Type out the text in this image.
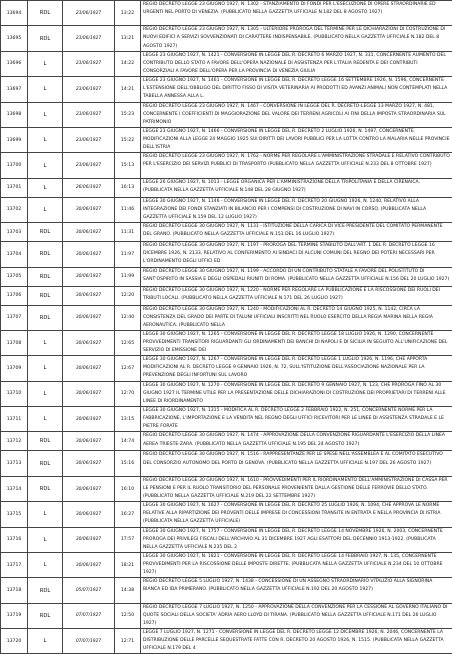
13694	RDL	23/06/1927	13:22	REGIO DECRETO LEGGE 23 GIUGNO 1927, N. 1302 - STANZIAMENTO DI FONDI PER L'ESECUZIONE DI OPERE STRAORDINARIE ED URGENTI NEL PORTO DI VENEZIA. (PUBBLICATO NELLA GAZZETTA UFFICIALE N.182 DEL 8 AGOSTO 1927)
13695	RDL	23/06/1927	13:21	REGIO DECRETO LEGGE 23 GIUGNO 1927, N. 1305 - ULTERIORE PROROGA DEL TERMINE PER LE DICHIARAZIONI DI COSTRUZIONE DI NUOVI EDIFICI A SERVIZI SOVVENZIONATI DI CARATTERE INDISPENSABILE. (PUBBLICATO NELLA GAZZETTA UFFICIALE N.182 DEL 8 AGOSTO 1927)
13696	L	23/06/1927	14:22	LEGGE 23 GIUGNO 1927, N. 1421 - CONVERSIONE IN LEGGE DEL R. DECRETO 6 MARZO 1927, N. 331, CONCERNENTE AUMENTO DEL CONTRIBUTO DELLO STATO A FAVORE DELL'OPERA NAZIONALE DI ASSISTENZA PER L'ITALIA REDENTA E DEI CONTRIBUTI CONSORZIALI A FAVORE DELL'OPERA PER LA PROVINCIA DI VENEZIA GIULIA
13697	L	23/06/1927	14:21	LEGGE 23 GIUGNO 1927, N. 1461 - CONVERSIONE IN LEGGE DEL R. DECRETO LEGGE 16 SETTEMBRE 1926, N. 1596, CONCERNENTE L'ESTENSIONE DELL'OBBLIGO DEL DIRITTO FISSO DI VISITA VETERINARIA AI PRODOTTI ED AVANZI ANIMALI NON CONTEMPLATI NELLA TABELLA ANNESSA ALLA L.
13698	L	23/06/1927	15:23	REGIO DECRETO LEGGE 23 GIUGNO 1927, N. 1467 - CONVERSIONE IN LEGGE DEL R. DECRETO-LEGGE 13 MARZO 1927, N. 481, CONCERNENTE I COEFFICIENTI DI MAGGIORAZIONE DEL VALORE DEI TERRENI AGRICOLI AI FINI DELLA IMPOSTA STRAORDINARIA SUL PATRIMONIO
13699	L	23/06/1927	15:22	LEGGE 23 GIUGNO 1927, N. 1466 - CONVERSIONE IN LEGGE DEL R. DECRETO 2 LUGLIO 1926, N. 1497, CONCERNENTE MODIFICAZIONI ALLA LEGGE 24 MAGGIO 1925 SUI DIRITTI DEI LAVORI PUBBLICI PER LA LOTTA CONTRO LA MALARIA NELLE PROVINCIE DELL'ISTRIA
13700	L	23/06/1927	15:13	REGIO DECRETO LEGGE 23 GIUGNO 1927, N. 1762 - NORME PER REGOLARE L'AMMINISTRAZIONE STRADALE E RELATIVO CONTRIBUTO PER L'ESERCIZIO DEI SERVIZI PUBBLICI DI TRASPORTO (PUBBLICATO NELLA GAZZETTA UFFICIALE N.233 DEL 8 OTTOBRE 1927)
13701	L	26/06/1927	16:13	LEGGE 26 GIUGNO 1927, N. 1013 - LEGGE ORGANICA PER L'AMMINISTRAZIONE DELLA TRIPOLITANIA E DELLA CIRENAICA. (PUBBLICATA NELLA GAZZETTA UFFICIALE N.148 DEL 28 GIUGNO 1927)
13702	L	30/06/1927	11:46	LEGGE 30 GIUGNO 1927, N. 1146 - CONVERSIONE IN LEGGE DEL R. DECRETO 20 GIUGNO 1926, N. 1240, RELATIVO ALLA INTEGRAZIONE DEI FONDI STANZIATI IN BILANCIO PER I COMPENSI DI COSTRUZIONE DI NAVI IN CORSO. (PUBBLICATA NELLA GAZZETTA UFFICIALE N.159 DEL 12 LUGLIO 1927)
13703	RDL	30/06/1927	11:31	REGIO DECRETO LEGGE 30 GIUGNO 1927, N. 1131 - ISTITUZIONE DELLA CARICA DI VICE PRESIDENTE DEL COMITATO PERMANENTE DEL GRANO. (PUBBLICATO NELLA GAZZETTA UFFICIALE N.153 DEL 16 LUGLIO 1927)
13704	RDL	30/06/1927	11:97	REGIO DECRETO LEGGE 30 GIUGNO 1927, N. 1197 - PROROGA DEL TERMINE STABILITO DALL'ART. 1 DEL R. DECRETO LEGGE 16 DICEMBRE 1926, N. 2133, RELATIVO AL CONFERIMENTO AI SINDACI DI ALCUNI COMUNI DEL REGNO DEI POTERI NECESSARI PER L'ORDINAMENTO DEGLI UFFICI ED
13705	RDL	30/06/1927	11:99	REGIO DECRETO LEGGE 30 GIUGNO 1927, N. 1199 - ACCORDO DI UN CONTRIBUTO STATALE A FAVORE DEL POLISTITUTO DI SANT'OSPIRITO IN SASSIA E DEGLI OSPEDALI RIUNITI DI ROMA. (PUBBLICATO NELLA GAZZETTA UFFICIALE N.156 DEL 20 LUGLIO 1927)
13706	RDL	30/06/1927	12:20	REGIO DECRETO LEGGE 30 GIUGNO 1927, N. 1220 - NORME PER REGOLARE LA PUBBLICAZIONE E LA RISCOSSIONE DEI RUOLI DEI TRIBUTI LOCALI. (PUBBLICATO NELLA GAZZETTA UFFICIALE N.171 DEL 26 LUGLIO 1927)
13707	RDL	30/06/1927	12:40	REGIO DECRETO LEGGE 30 GIUGNO 1927, N. 1240 - MODIFICAZIONI AL R. DECRETO 14 GIUGNO 1925, N. 1142, CIRCA LA CONSISTENZA DEL GRADO DEI PARTE DI TALUNI UFFICIALI INSCRITTI NEL RUOLO ESERCITO DELLA REGIA MARINA NELLA REGIA AERONAUTICA. (PUBBLICATO NELLA
13708	L	30/06/1927	12:65	LEGGE 30 GIUGNO 1927, N. 1265 - CONVERSIONE IN LEGGE DEL R. DECRETO LEGGE 18 LUGLIO 1926, N. 1290, CONCERNENTE PROVVEDIMENTI TRANSITORI RIGUARDANTI GLI ORDINAMENTI DEI BANCHI DI NAPOLI E DI SICILIA IN SEGUITO ALL'UNIFICAZIONE DEL SERVIZIO DI EMISSIONE DEI
13709	L	30/06/1927	12:67	LEGGE 30 GIUGNO 1927, N. 1267 - CONVERSIONE IN LEGGE DEL R. DECRETO LEGGE 1 LUGLIO 1926, N. 1196, CHE APPORTA MODIFICAZIONI AL R. DECRETO LEGGE 9 GENNAIO 1926, N. 72, SULL'ISTITUZIONE DELL'ASSOCIAZIONE NAZIONALE PER LA PREVENZIONE DEGLI INFORTUNI SUL LAVORO
13710	L	30/06/1927	12:70	LEGGE 30 GIUGNO 1927, N. 1270 - CONVERSIONE IN LEGGE DEL R. DECRETO 9 GENNAIO 1927, N. 123, CHE PROROGA FINO AL 30 GIUGNO 1927 IL TERMINE UTILE PER LA PRESENTAZIONE DELLE DICHIARAZIONI DI COSTRUZIONE DEI PROPRIETARI DI TERRENI ALLE LINEE DI RIORDINAMENTO
13711	L	30/06/1927	13:15	LEGGE 30 GIUGNO 1927, N. 1315 - MODIFICA AL R. DECRETO LEGGE 2 FEBBRAIO 1922, N. 251, CONCERNENTE NORME PER LA FABBRICAZIONE, L'IMPORTAZIONE E LA VENDITA NEL REGNO DEGLI UFFICI RICEVITORI PER LE LINEE DI ASSISTENZA STRADALE E LE PIETRE FORATE
13712	RDL	30/06/1927	14:74	REGIO DECRETO LEGGE 30 GIUGNO 1927, N. 1474 - APPROVAZIONE DELLA CONVENZIONE RIGUARDANTE L'ESERCIZIO DELLA LINEA AEREA TRIESTE-ZARA. (PUBBLICATO NELLA GAZZETTA UFFICIALE N.195 DEL 24 AGOSTO 1927)
13713	RDL	30/06/1927	15:16	REGIO DECRETO LEGGE 30 GIUGNO 1927, N. 1516 - RAPPRESENTANZE PER LE SPESE NELL'ASSEMBLEA E AL COMITATO ESECUTIVO DEL CONSORZIO AUTONOMO DEL PORTO DI GENOVA. (PUBBLICATO NELLA GAZZETTA UFFICIALE N.197 DEL 26 AGOSTO 1927)
13714	RDL	30/06/1927	16:10	REGIO DECRETO LEGGE 30 GIUGNO 1927, N. 1610 - PROVVEDIMENTI PER IL RIORDINAMENTO DELL'AMMINISTRAZIONE DI CASSA PER LE PENSIONI E PER IL RUOLO TRANSITORIO DEL PERSONALE PROVENIENTE DALLA GESTIONE DELLE FERROVIE DELLO STATO. (PUBBLICATO NELLA GAZZETTA UFFICIALE N.219 DEL 22 SETTEMBRE 1927)
13715	L	30/06/1927	16:27	LEGGE 30 GIUGNO 1927, N. 1627 - CONVERSIONE IN LEGGE DEL R. DECRETO 25 LUGLIO 1926, N. 1094, CHE APPROVA LE NORME RELATIVE ALLA RIPARTIZIONE DEI PROVENTI DELLE IMPRESE DI CONCESSIONI TRANSITE IN ENTRATA E NELLA PROVINCIA DI ISTRIA (PUBBLICATA NELLA GAZZETTA UFFICIALE)
13716	L	30/06/1927	17:57	LEGGE 30 GIUGNO 1927, N. 1757 - CONVERSIONE IN LEGGE DEL R. DECRETO LEGGE 14 NOVEMBRE 1926, N. 2003, CONCERNENTE PROROGA DEI PRIVILEGI FISCALI DELL'ARCHIVIO AL 31 DICEMBRE 1927 AGLI ESATTORI DEL DECENNIO 1913-1922. (PUBBLICATA NELLA GAZZETTA UFFICIALE N.235 DEL 2
13717	L	30/06/1927	18:21	LEGGE 30 GIUGNO 1927, N. 1821 - CONVERSIONE IN LEGGE DEL R. DECRETO LEGGE 14 FEBBRAIO 1927, N. 135, CONCERNENTE PROVVEDIMENTI PER LA RISCOSSIONE DELLE IMPOSTE DIRETTE. (PUBBLICATA NELLA GAZZETTA UFFICIALE N.234 DEL 10 OTTOBRE 1927)
13718	RDL	05/07/1927	14:38	REGIO DECRETO LEGGE 5 LUGLIO 1927, N. 1438 - CONCESSIONE DI UN ASSEGNO STRAORDINARIO VITALIZIO ALLA SIGNORINA BIANCA ED IDA PRIMERANO. (PUBBLICATO NELLA GAZZETTA UFFICIALE N.192 DEL 20 AGOSTO 1927)
13719	RDL	07/07/1927	12:50	REGIO DECRETO LEGGE 7 LUGLIO 1927, N. 1250 - APPROVAZIONE DELLA CONVENZIONE PER LA CESSIONE AL GOVERNO ITALIANO DI QUOTE SOCIALI DELLA SOCIETA' ADRIA AERO LLOYD DI TIRANA. (PUBBLICATO NELLA GAZZETTA UFFICIALE N.171 DEL 26 LUGLIO 1927)
13720	L	07/07/1927	12:71	LEGGE 7 LUGLIO 1927, N. 1271 - CONVERSIONE IN LEGGE DEL R. DECRETO LEGGE 12 DICEMBRE 1926, N. 2046, CONCERNENTE LA DISTRIBUZIONE DELLE PARCELLE SEQUESTRATE FATTE CON R. DECRETO 20 AGOSTO 1926, N. 1515. (PUBBLICATA NELLA GAZZETTA UFFICIALE N.179 DEL 4
